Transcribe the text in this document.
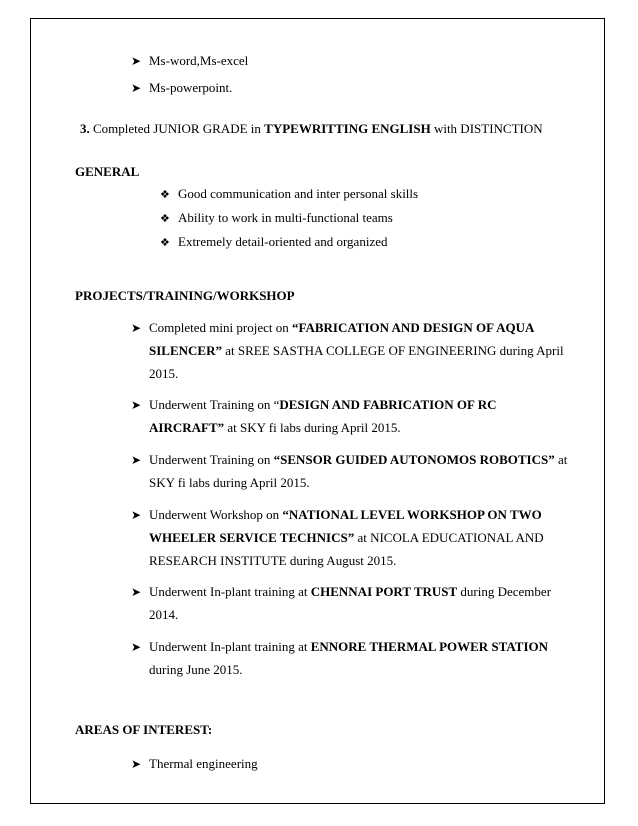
➤ Ms-word,Ms-excel
➤ Ms-powerpoint.
3. Completed JUNIOR GRADE in TYPEWRITTING ENGLISH with DISTINCTION
GENERAL
❖ Good communication and inter personal skills
❖ Ability to work in multi-functional teams
❖ Extremely detail-oriented and organized
PROJECTS/TRAINING/WORKSHOP
➤ Completed mini project on “FABRICATION AND DESIGN OF AQUA
SILENCER” at SREE SASTHA COLLEGE OF ENGINEERING during April
2015.
➤ Underwent Training on “DESIGN AND FABRICATION OF RC
AIRCRAFT” at SKY fi labs during April 2015.
➤ Underwent Training on “SENSOR GUIDED AUTONOMOS ROBOTICS” at
SKY fi labs during April 2015.
➤ Underwent Workshop on “NATIONAL LEVEL WORKSHOP ON TWO
WHEELER SERVICE TECHNICS” at NICOLA EDUCATIONAL AND
RESEARCH INSTITUTE during August 2015.
➤ Underwent In-plant training at CHENNAI PORT TRUST during December
2014.
➤ Underwent In-plant training at ENNORE THERMAL POWER STATION
during June 2015.
AREAS OF INTEREST:
➤ Thermal engineering
